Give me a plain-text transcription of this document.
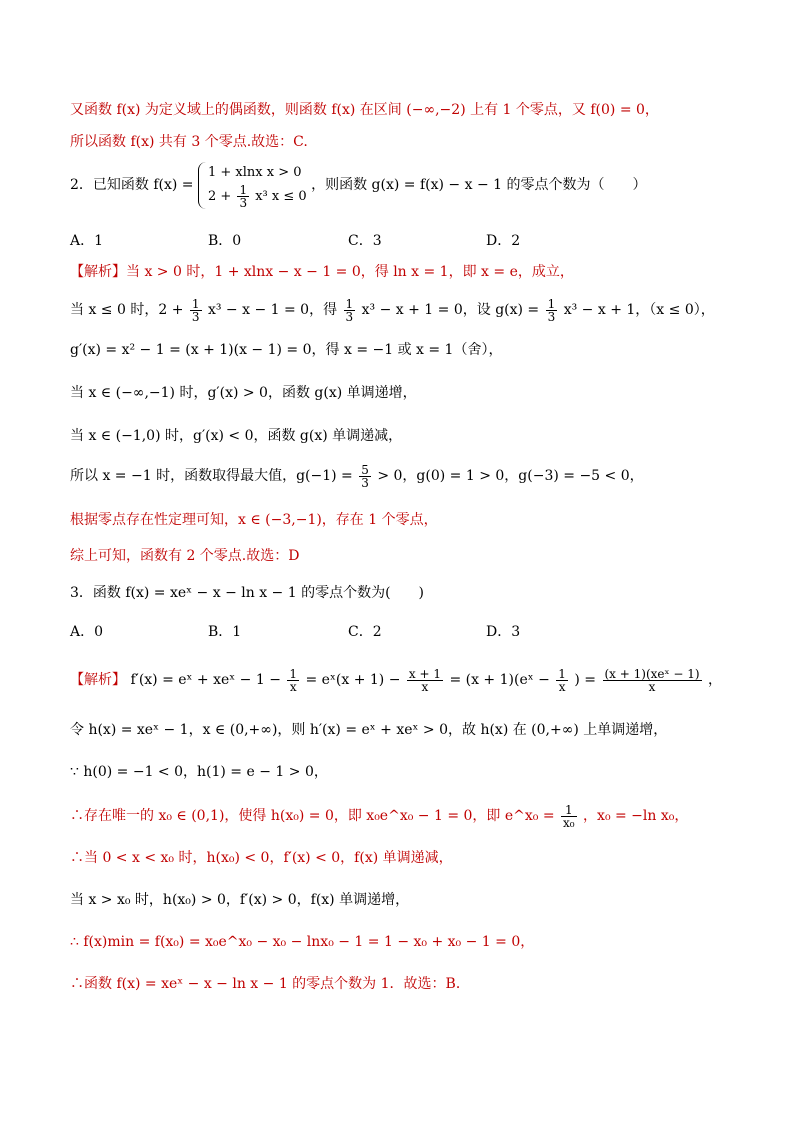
又函数 f(x) 为定义域上的偶函数，则函数 f(x) 在区间 (−∞,−2) 上有 1 个零点，又 f(0) = 0，
所以函数 f(x) 共有 3 个零点.故选：C.
2．已知函数 f(x) =
1 + xlnx x > 0
$2 + \frac{1}{3} x^3$ x ≤ 0
，则函数 g(x) = f(x) − x − 1 的零点个数为（　　）
A．1	B．0	C．3	D．2
【解析】当 x > 0 时，1 + xlnx − x − 1 = 0，得 ln x = 1，即 x = e，成立，
当 x ≤ 0 时，$2 + \frac{1}{3} x^3 - x - 1 = 0$，得 $\frac{1}{3} x^3 - x + 1 = 0$，设 $g(x) = \frac{1}{3} x^3 - x + 1$，（x ≤ 0），
g′(x) = x² − 1 = (x + 1)(x − 1) = 0，得 x = −1 或 x = 1（舍），
当 x ∈ (−∞,−1) 时，g′(x) > 0，函数 g(x) 单调递增，
当 x ∈ (−1,0) 时，g′(x) < 0，函数 g(x) 单调递减，
所以 x = −1 时，函数取得最大值，$g(-1) = \frac{5}{3} > 0$，g(0) = 1 > 0，g(−3) = −5 < 0，
根据零点存在性定理可知，x ∈ (−3,−1)，存在 1 个零点，
综上可知，函数有 2 个零点.故选：D
3．函数 f(x) = xeˣ − x − ln x − 1 的零点个数为(　　)
A．0	B．1	C．2	D．3
【解析】 f′(x) = eˣ + xeˣ − $1 - \frac{1}{x}$ = eˣ(x + $1) - \frac{x + 1}{x} = (x$ + 1)(eˣ − $\frac{1}{x}$ ) = $\frac{\text{(x + 1)(xeˣ − 1)}}{x}$ ，
令 h(x) = xeˣ − 1，x ∈ (0,+∞)，则 h′(x) = eˣ + xeˣ > 0，故 h(x) 在 (0,+∞) 上单调递增，
∵ h(0) = −1 < 0，h(1) = e − 1 > 0，
∴存在唯一的 x₀ ∈ (0,1)，使得 h(x₀) = 0，即 x₀e^x₀ − 1 = 0，即 e^x₀ = $\frac{1}{\text{x₀}}$ ，x₀ = −ln x₀，
∴当 0 < x < x₀ 时，h(x₀) < 0，f′(x) < 0，f(x) 单调递减，
当 x > x₀ 时，h(x₀) > 0，f′(x) > 0，f(x) 单调递增，
∴ f(x)min = f(x₀) = x₀e^x₀ − x₀ − lnx₀ − 1 = 1 − x₀ + x₀ − 1 = 0，
∴函数 f(x) = xeˣ − x − ln x − 1 的零点个数为 1．故选：B．
